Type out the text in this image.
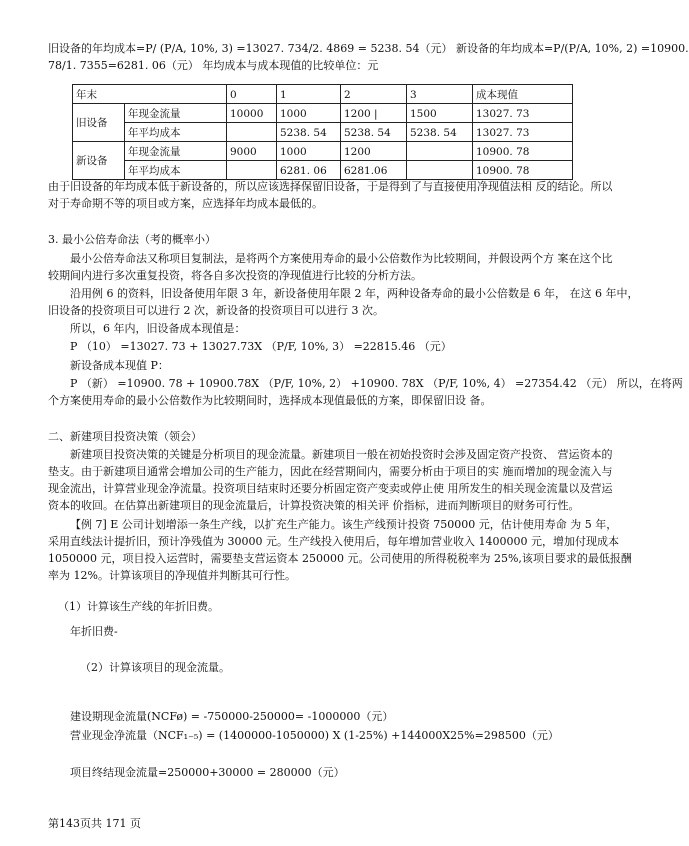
旧设备的年均成本=P/ (P/A, 10%, 3) =13027. 734/2. 4869 = 5238. 54（元） 新设备的年均成本=P/(P/A, 10%, 2) =10900.
78/1. 7355=6281. 06（元） 年均成本与成本现值的比较单位：元
年末		0	1	2	3	成本现值
旧设备	年现金流量	10000	1000	1200 |	1500	13027. 73
	年平均成本		5238. 54	5238. 54	5238. 54	13027. 73
新设备	年现金流量	9000	1000	1200		10900. 78
	年平均成本		6281. 06	6281.06		10900. 78
由于旧设备的年均成本低于新设备的，所以应该选择保留旧设备，于是得到了与直接使用净现值法相 反的结论。所以
对于寿命期不等的项目或方案，应选择年均成本最低的。
3. 最小公倍寿命法（考的概率小）
最小公倍寿命法又称项目复制法，是将两个方案使用寿命的最小公倍数作为比较期间，并假设两个方 案在这个比
较期间内进行多次重复投资，将各自多次投资的净现值进行比较的分析方法。
沿用例 6 的资料，旧设备使用年限 3 年，新设备使用年限 2 年，两种设备寿命的最小公倍数是 6 年， 在这 6 年中，
旧设备的投资项目可以进行 2 次，新设备的投资项目可以进行 3 次。
所以，6 年内，旧设备成本现值是：
P （10） =13027. 73 + 13027.73X （P/F, 10%, 3） =22815.46 （元）
新设备成本现值 P：
P （新） =10900. 78 + 10900.78X （P/F, 10%, 2） +10900. 78X （P/F, 10%, 4） =27354.42 （元） 所以，在将两
个方案使用寿命的最小公倍数作为比较期间时，选择成本现值最低的方案，即保留旧设 备。
二、新建项目投资决策（领会）
新建项目投资决策的关键是分析项目的现金流量。新建项目一般在初始投资时会涉及固定资产投资、 营运资本的
垫支。由于新建项目通常会增加公司的生产能力，因此在经营期间内，需要分析由于项目的实 施而增加的现金流入与
现金流出，计算营业现金净流量。投资项目结束时还要分析固定资产变卖或停止使 用所发生的相关现金流量以及营运
资本的收回。在估算出新建项目的现金流量后，计算投资决策的相关评 价指标，进而判断项目的财务可行性。
【例 7] E 公司计划增添一条生产线，以扩充生产能力。该生产线预计投资 750000 元，估计使用寿命 为 5 年，
采用直线法计提折旧，预计净残值为 30000 元。生产线投入使用后，每年增加营业收入 1400000 元，增加付现成本
1050000 元，项目投入运营时，需要垫支营运资本 250000 元。公司使用的所得税税率为 25%,该项目要求的最低报酬
率为 12%。计算该项目的净现值并判断其可行性。
（1）计算该生产线的年折旧费。
年折旧费-
（2）计算该项目的现金流量。
建设期现金流量(NCFø) = -750000-250000= -1000000（元）
营业现金净流量（NCF₁₋₅) = (1400000-1050000) X (1-25%) +144000X25%=298500（元）
项目终结现金流量=250000+30000 = 280000（元）
第143页共 171 页
